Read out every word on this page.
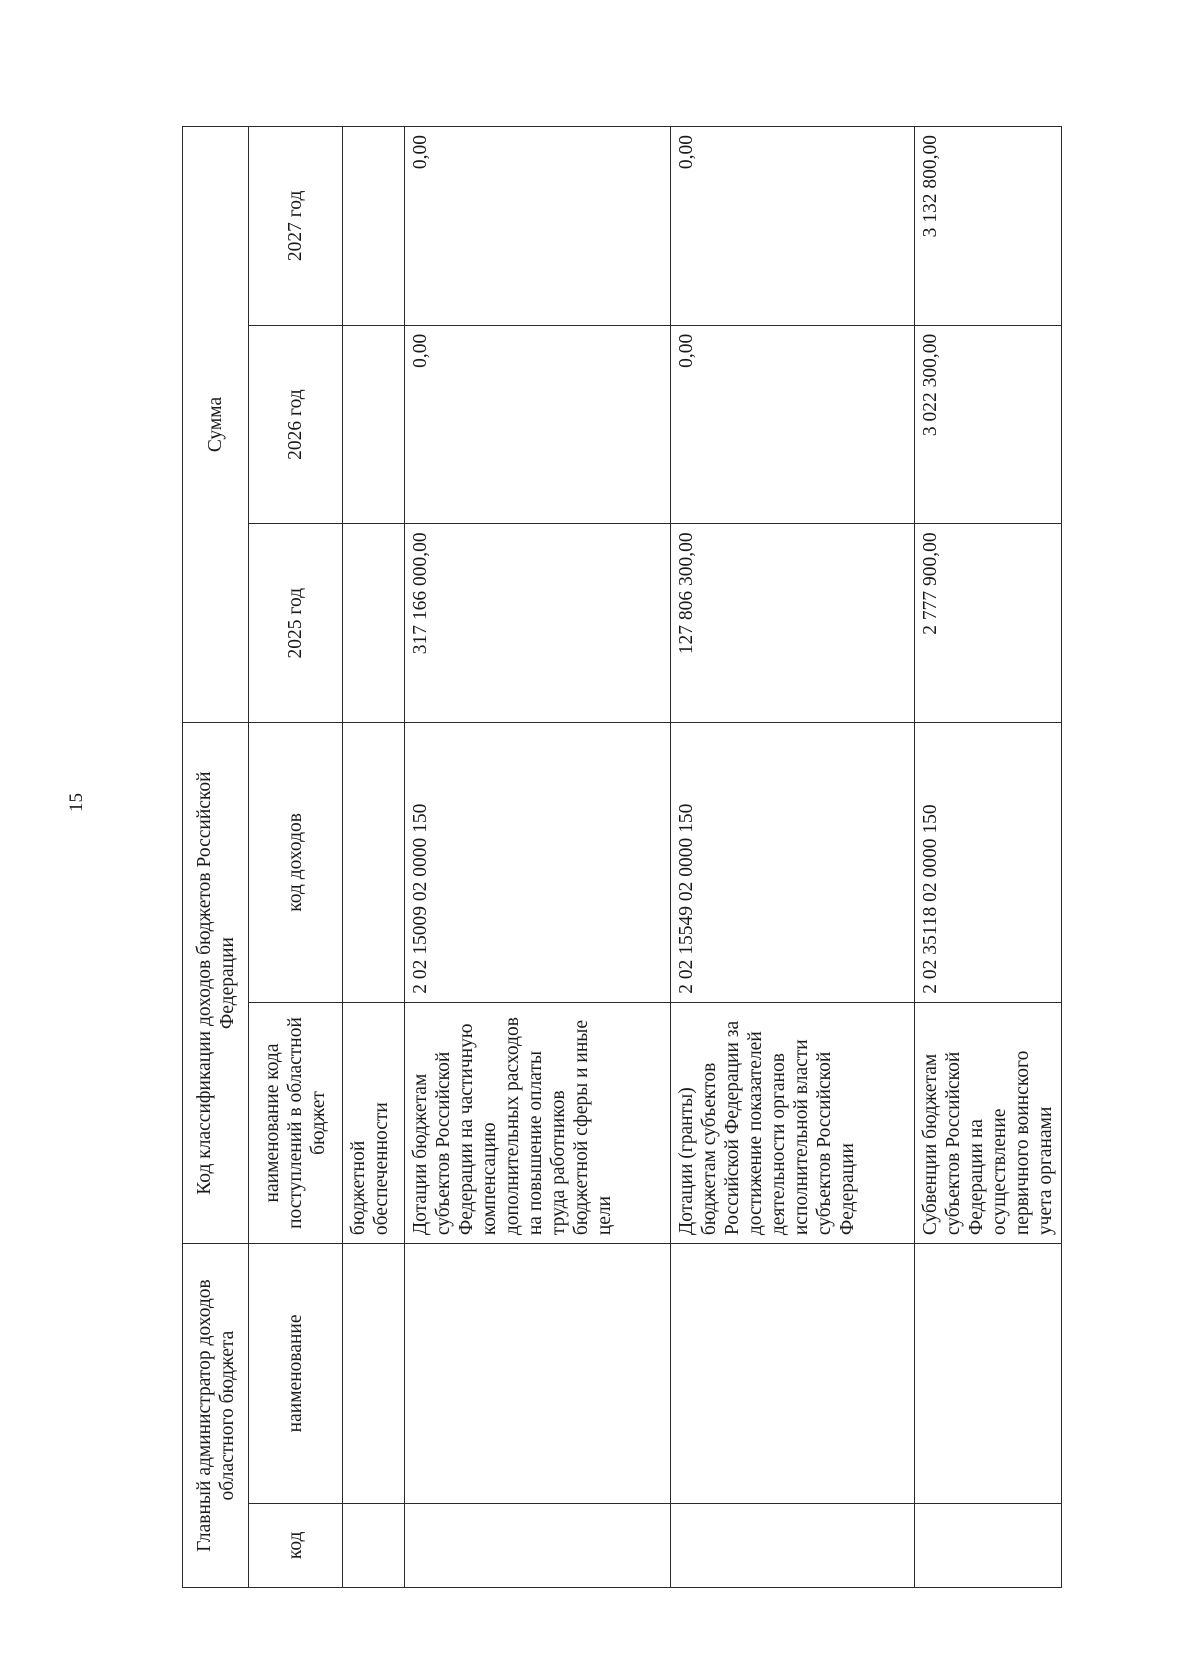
15
Главный администратор доходов областного бюджета		Код классификации доходов бюджетов Российской Федерации		Сумма		
код	наименование	наименование кода поступлений в областной бюджет	код доходов	2025 год	2026 год	2027 год
		бюджетной обеспеченности				
		Дотации бюджетам субъектов Российской Федерации на частичную компенсацию дополнительных расходов на повышение оплаты труда работников бюджетной сферы и иные цели	2 02 15009 02 0000 150	317 166 000,00	0,00	0,00
		Дотации (гранты) бюджетам субъектов Российской Федерации за достижение показателей деятельности органов исполнительной власти субъектов Российской Федерации	2 02 15549 02 0000 150	127 806 300,00	0,00	0,00
		Субвенции бюджетам субъектов Российской Федерации на осуществление первичного воинского учета органами	2 02 35118 02 0000 150	2 777 900,00	3 022 300,00	3 132 800,00
